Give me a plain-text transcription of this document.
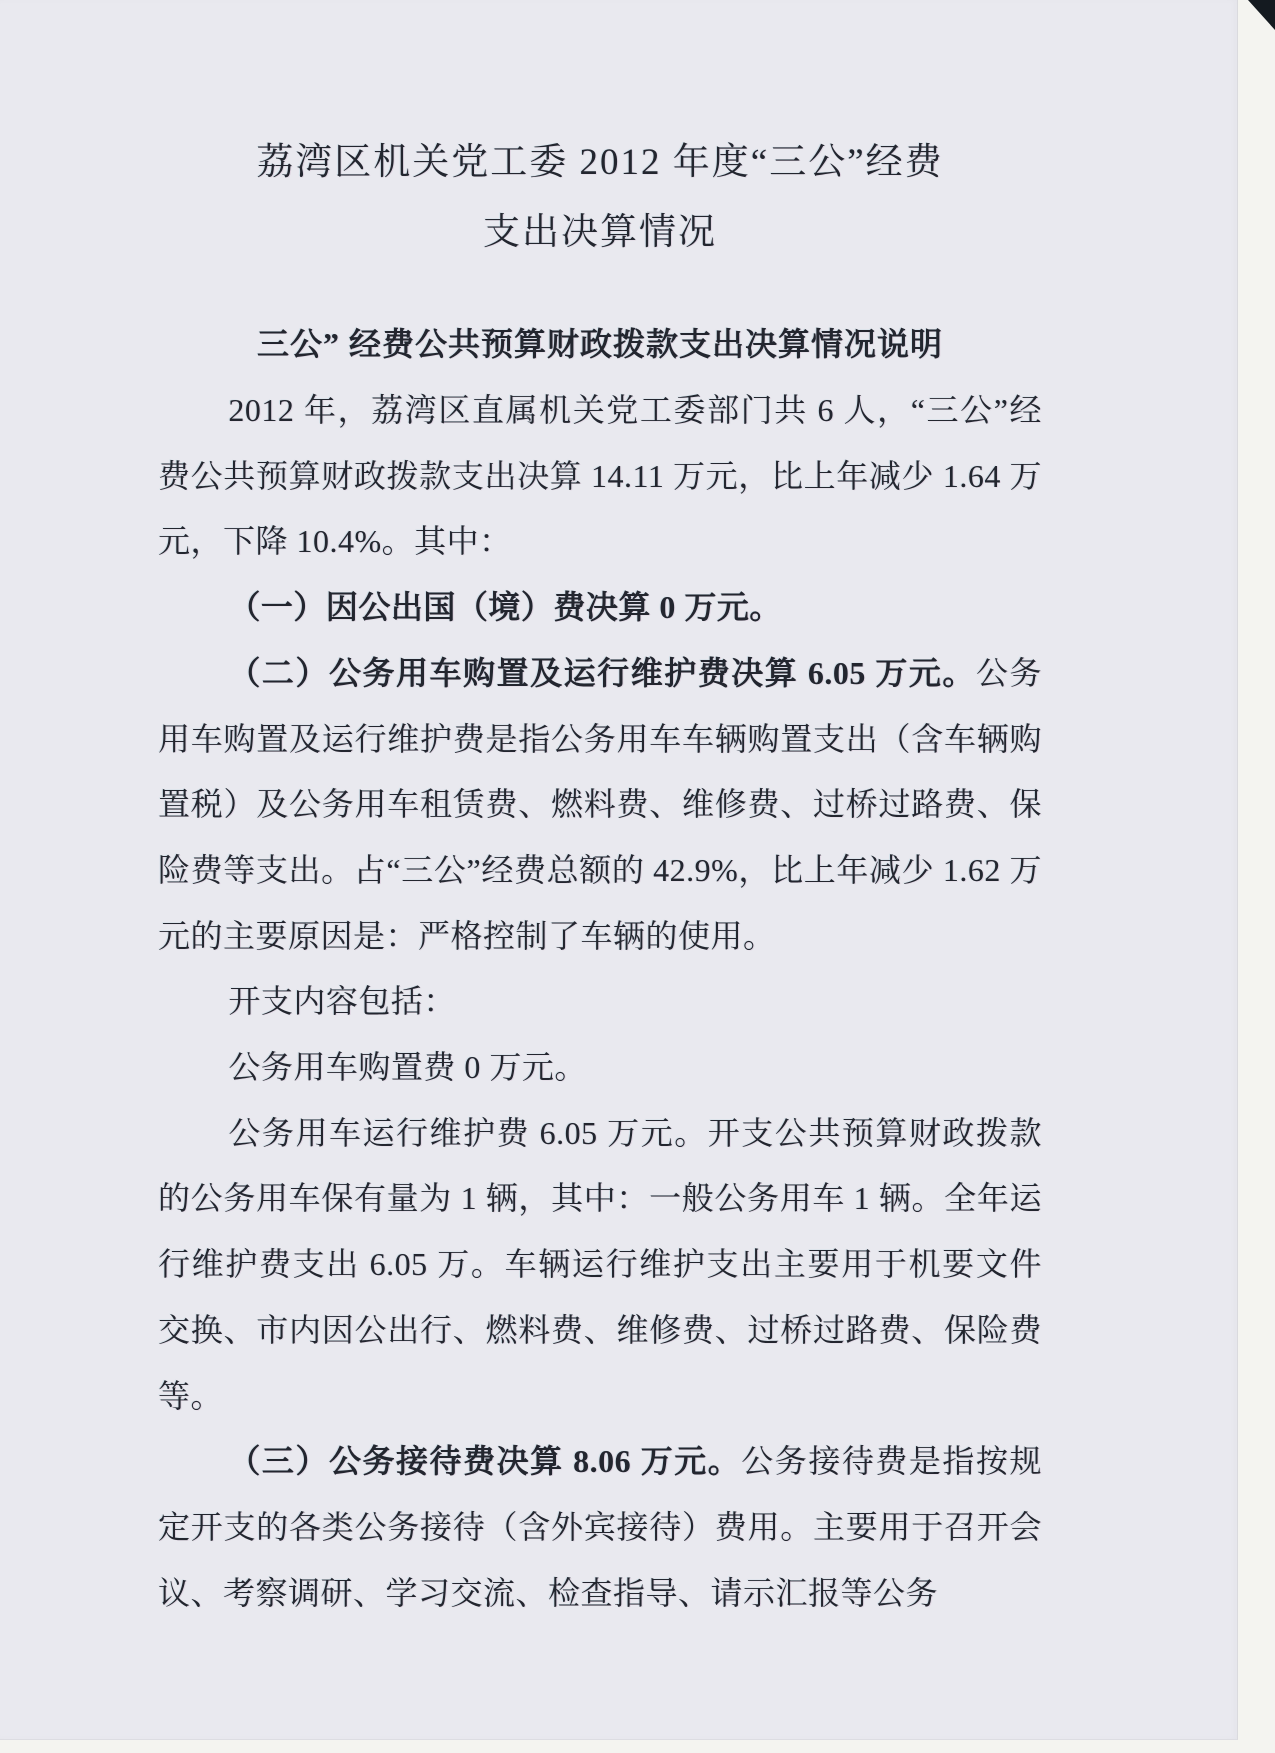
荔湾区机关党工委 2012 年度“三公”经费
支出决算情况
三公” 经费公共预算财政拨款支出决算情况说明

2012 年，荔湾区直属机关党工委部门共 6 人，“三公”经费公共预算财政拨款支出决算 14.11 万元，比上年减少 1.64 万元，下降 10.4%。其中：

（一）因公出国（境）费决算 0 万元。

（二）公务用车购置及运行维护费决算 6.05 万元。公务用车购置及运行维护费是指公务用车车辆购置支出（含车辆购置税）及公务用车租赁费、燃料费、维修费、过桥过路费、保险费等支出。占“三公”经费总额的 42.9%，比上年减少 1.62 万元的主要原因是：严格控制了车辆的使用。

开支内容包括：

公务用车购置费 0 万元。

公务用车运行维护费 6.05 万元。开支公共预算财政拨款的公务用车保有量为 1 辆，其中：一般公务用车 1 辆。全年运行维护费支出 6.05 万。车辆运行维护支出主要用于机要文件交换、市内因公出行、燃料费、维修费、过桥过路费、保险费等。

（三）公务接待费决算 8.06 万元。公务接待费是指按规定开支的各类公务接待（含外宾接待）费用。主要用于召开会议、考察调研、学习交流、检查指导、请示汇报等公务
